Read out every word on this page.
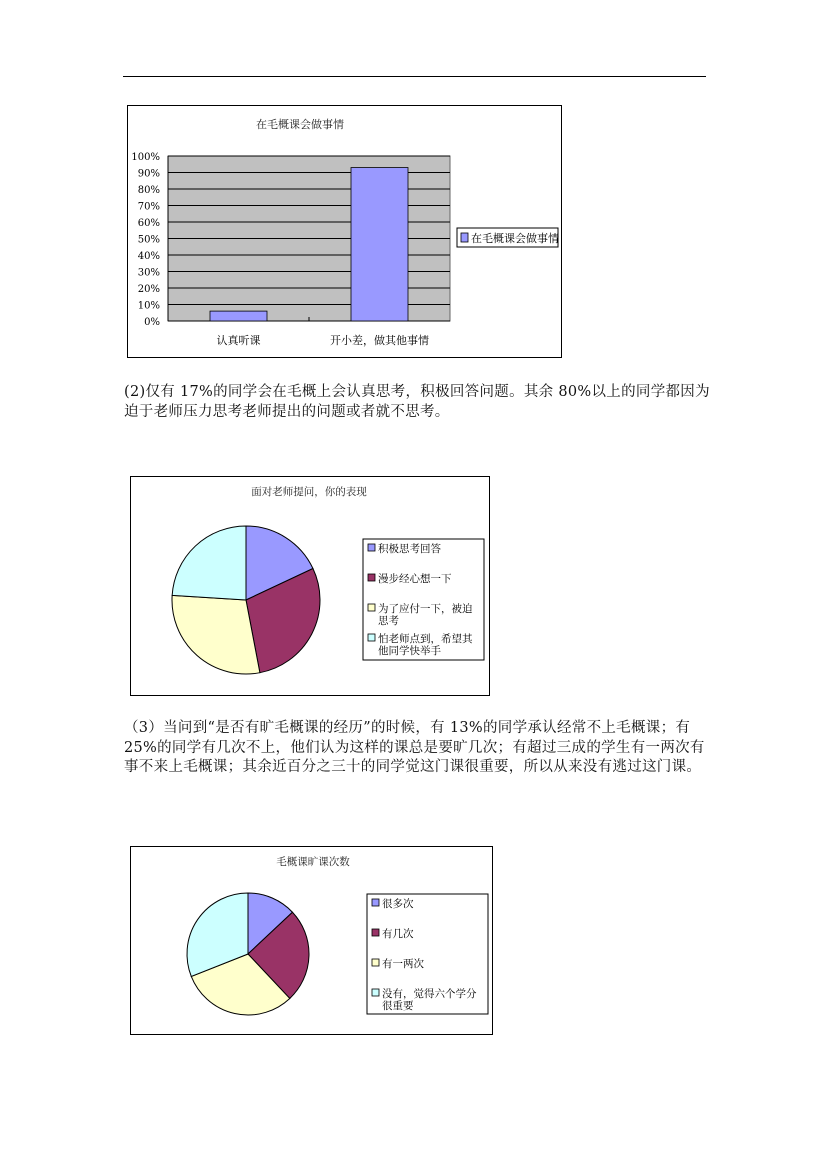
在毛概课会做事情
0%
10%
20%
30%
40%
50%
60%
70%
80%
90%
100%
认真听课	开小差，做其他事情
在毛概课会做事情
(2)仅有 17%的同学会在毛概上会认真思考，积极回答问题。其余 80%以上的同学都因为迫于老师压力思考老师提出的问题或者就不思考。
面对老师提问，你的表现
积极思考回答
漫步经心想一下
为了应付一下，被迫
思考
怕老师点到，希望其
他同学快举手
（3）当问到“是否有旷毛概课的经历”的时候，有 13%的同学承认经常不上毛概课；有 25%的同学有几次不上，他们认为这样的课总是要旷几次；有超过三成的学生有一两次有事不来上毛概课；其余近百分之三十的同学觉这门课很重要，所以从来没有逃过这门课。
毛概课旷课次数
很多次
有几次
有一两次
没有，觉得六个学分
很重要
